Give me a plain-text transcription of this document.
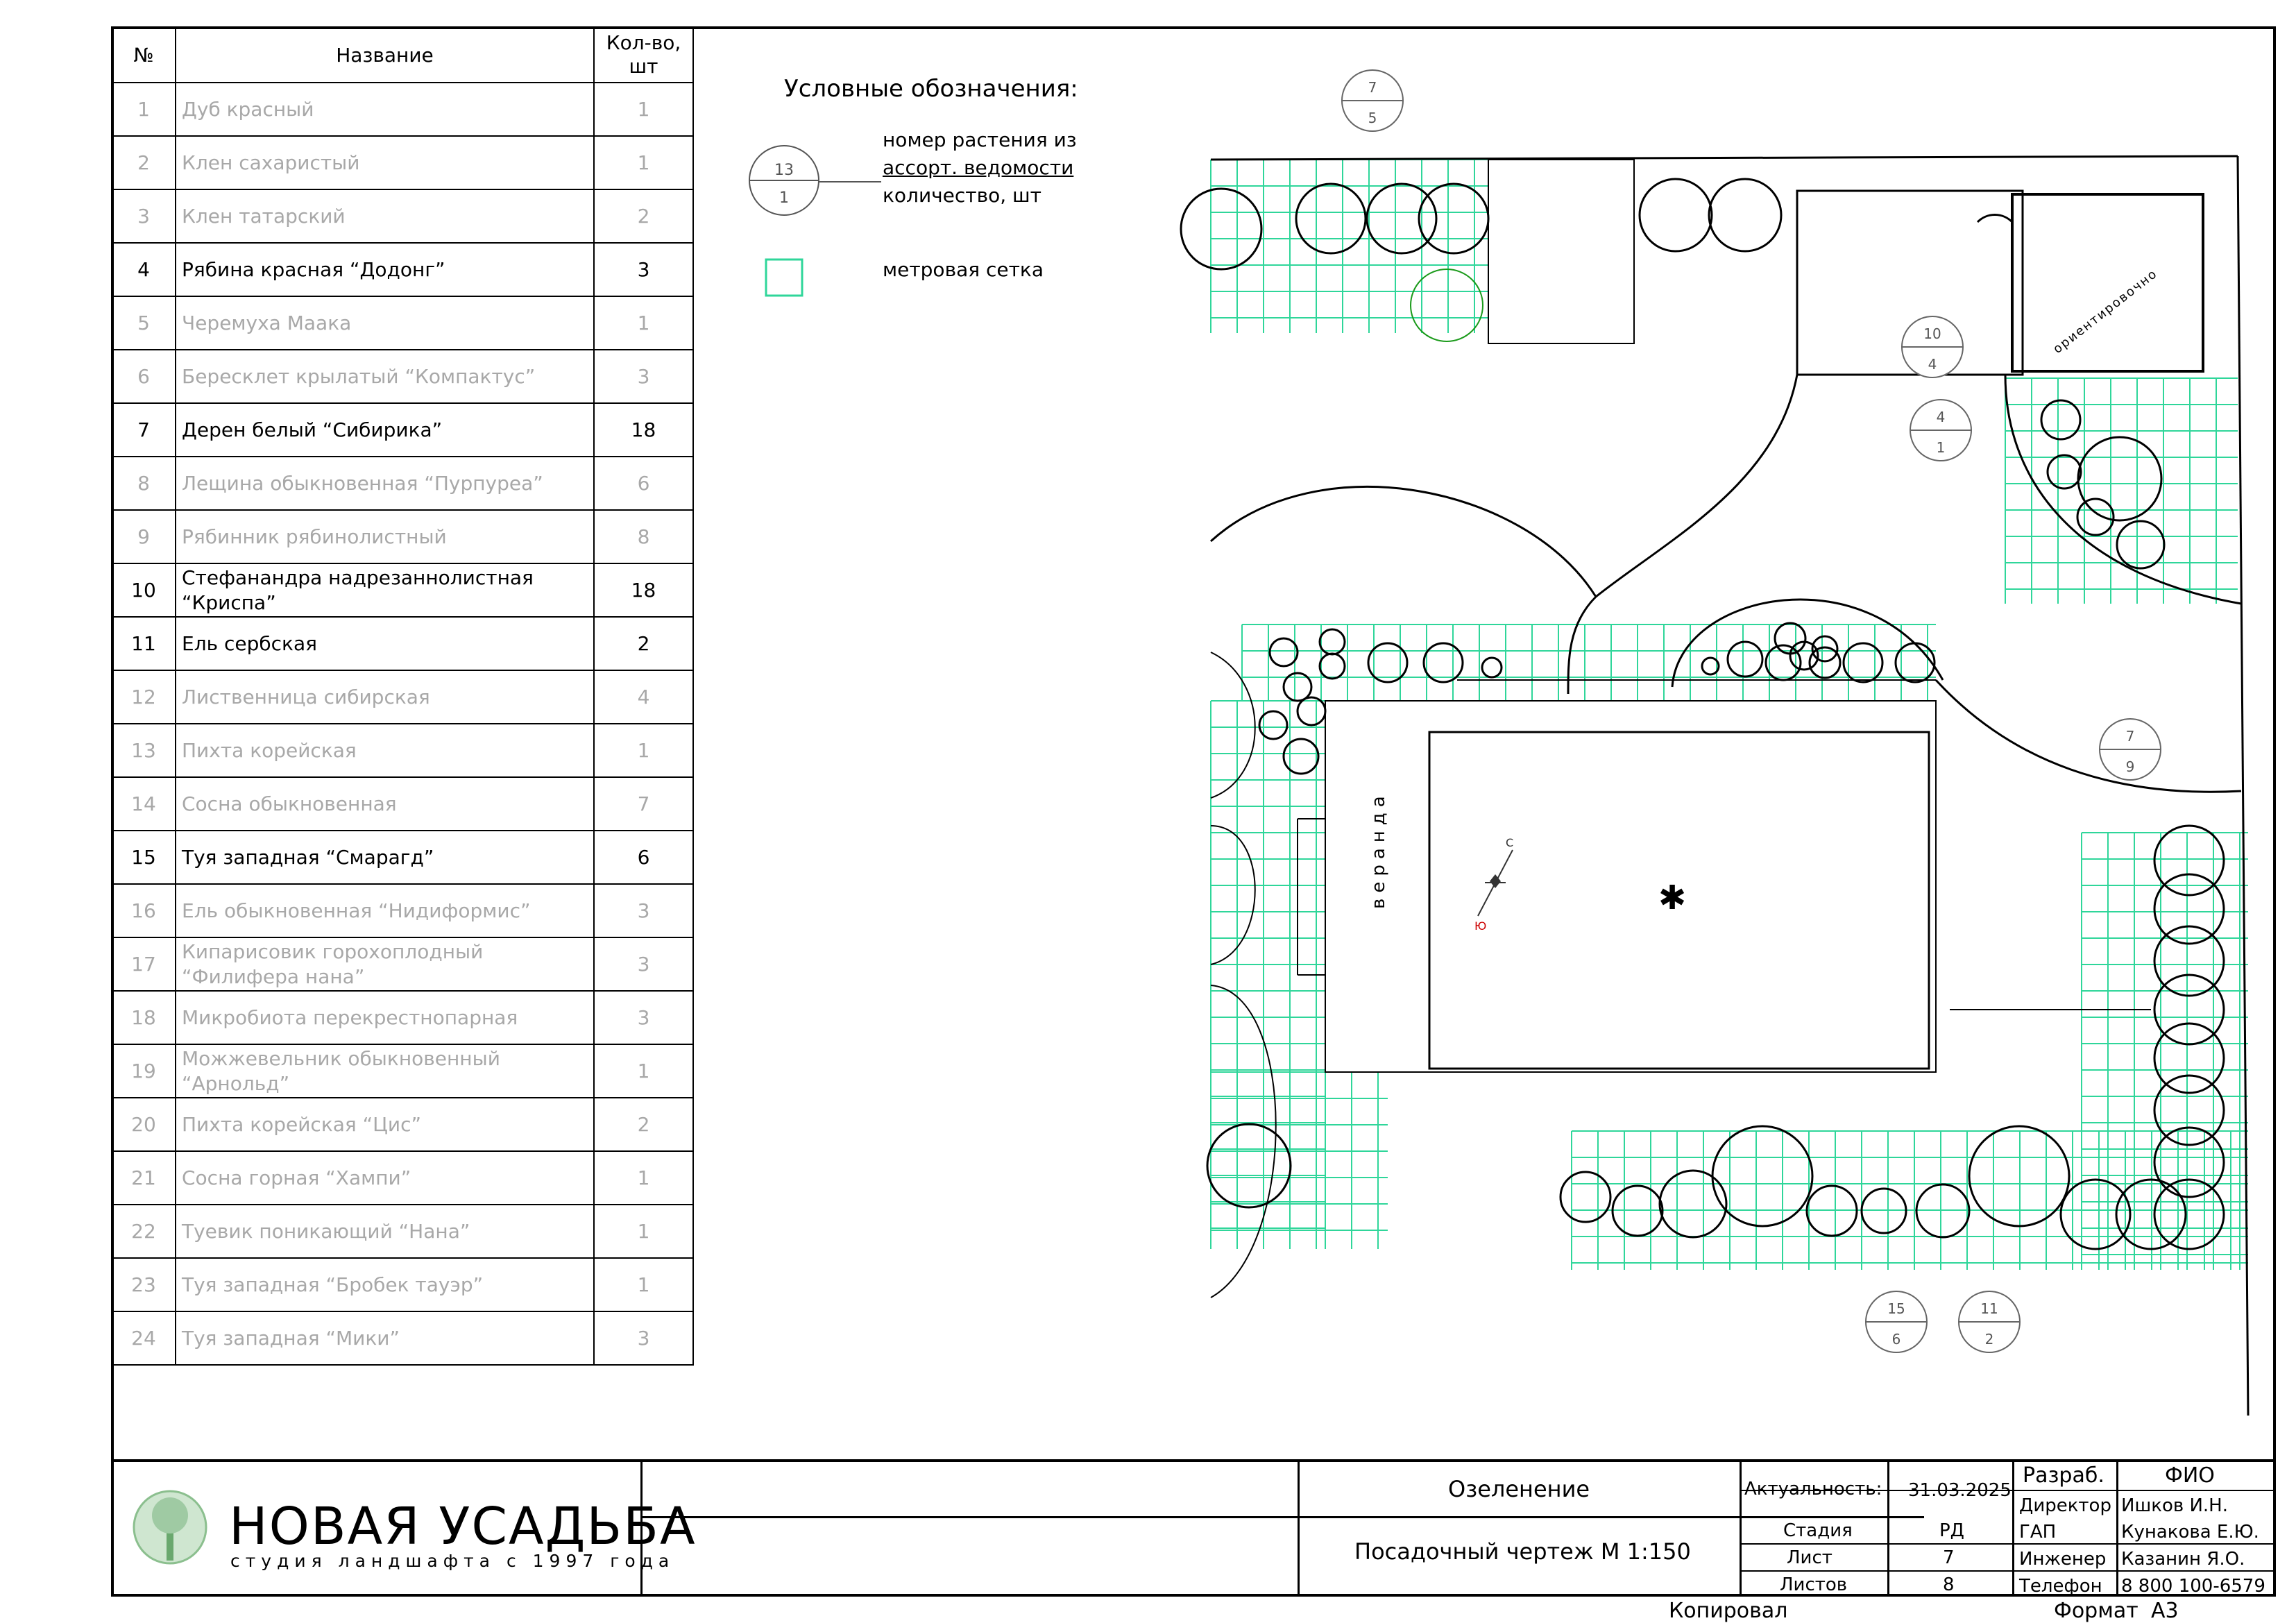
№	Название	Кол-во, шт
1	Дуб красный	1
2	Клен сахаристый	1
3	Клен татарский	2
4	Рябина красная “Додонг”	3
5	Черемуха Маака	1
6	Бересклет крылатый “Компактус”	3
7	Дерен белый “Сибирика”	18
8	Лещина обыкновенная “Пурпуреа”	6
9	Рябинник рябинолистный	8
10	Стефанандра надрезаннолистная “Криспа”	18
11	Ель сербская	2
12	Лиственница сибирская	4
13	Пихта корейская	1
14	Сосна обыкновенная	7
15	Туя западная “Смарагд”	6
16	Ель обыкновенная “Нидиформис”	3
17	Кипарисовик горохоплодный “Филифера нана”	3
18	Микробиота перекрестнопарная	3
19	Можжевельник обыкновенный “Арнольд”	1
20	Пихта корейская “Цис”	2
21	Сосна горная “Хампи”	1
22	Туевик поникающий “Нана”	1
23	Туя западная “Бробек тауэр”	1
24	Туя западная “Мики”	3
Условные обозначения:
номер растения из
ассорт. ведомости
количество, шт
метровая сетка
13
1
7
5
10
4
4
1
7
9
15
6
11
2
веранда
ориентировочно
С
Ю
✱
НОВАЯ УСАДЬБА
студия ландшафта с 1997 года
Озеленение
Посадочный чертеж М 1:150
Актуальность: 31.03.2025
Стадия	РД
Лист	7
Листов	8
Разраб.	ФИО
Директор Ишков И.Н.
ГАП	Кунакова Е.Ю.
Инженер Казанин Я.О.
Телефон 8 800 100-6579
Копировал	Формат А3
